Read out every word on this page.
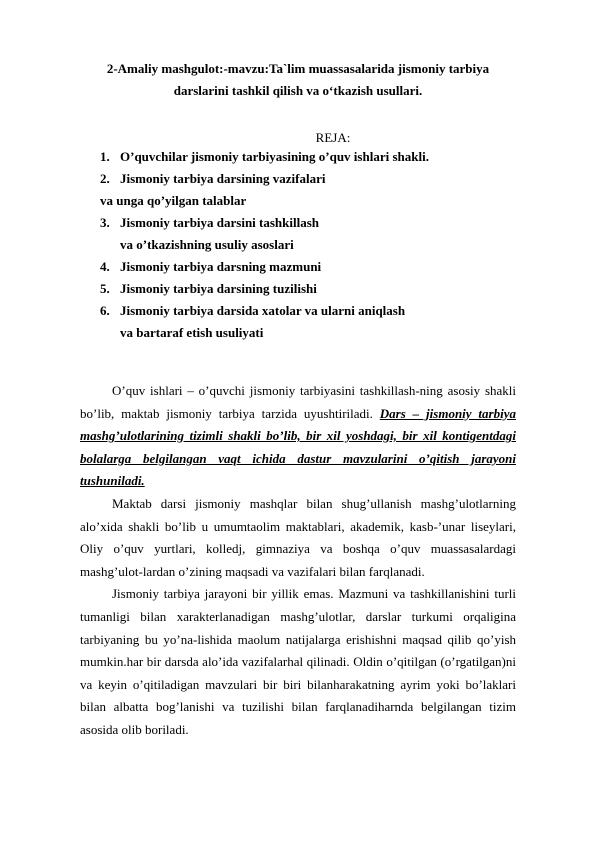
2-Amaliy mashgulot:-mavzu:Ta`lim muassasalarida jismoniy tarbiya
darslarini tashkil qilish va o‘tkazish usullari.
REJA:
1. O’quvchilar jismoniy tarbiyasining o’quv ishlari shakli.
2. Jismoniy tarbiya darsining vazifalari
va unga qo’yilgan talablar
3. Jismoniy tarbiya darsini tashkillash
va o’tkazishning usuliy asoslari
4. Jismoniy tarbiya darsning mazmuni
5. Jismoniy tarbiya darsining tuzilishi
6. Jismoniy tarbiya darsida xatolar va ularni aniqlash
va bartaraf etish usuliyati

O’quv ishlari – o’quvchi jismoniy tarbiyasini tashkillash-ning asosiy shakli bo’lib, maktab jismoniy tarbiya tarzida uyushtiriladi. Dars – jismoniy tarbiya mashg’ulotlarining tizimli shakli bo’lib, bir xil yoshdagi, bir xil kontigentdagi bolalarga belgilangan vaqt ichida dastur mavzularini o’qitish jarayoni tushuniladi.

Maktab darsi jismoniy mashqlar bilan shug’ullanish mashg’ulotlarning alo’xida shakli bo’lib u umumtaolim maktablari, akademik, kasb-’unar liseylari, Oliy o’quv yurtlari, kolledj, gimnaziya va boshqa o’quv muassasalardagi mashg’ulot-lardan o’zining maqsadi va vazifalari bilan farqlanadi.

Jismoniy tarbiya jarayoni bir yillik emas. Mazmuni va tashkillanishini turli tumanligi bilan xarakterlanadigan mashg’ulotlar, darslar turkumi orqaligina tarbiyaning bu yo’na-lishida maolum natijalarga erishishni maqsad qilib qo’yish mumkin.har bir darsda alo’ida vazifalarhal qilinadi. Oldin o’qitilgan (o’rgatilgan)ni va keyin o’qitiladigan mavzulari bir biri bilanharakatning ayrim yoki bo’laklari bilan albatta bog’lanishi va tuzilishi bilan farqlanadiharnda belgilangan tizim asosida olib boriladi.
